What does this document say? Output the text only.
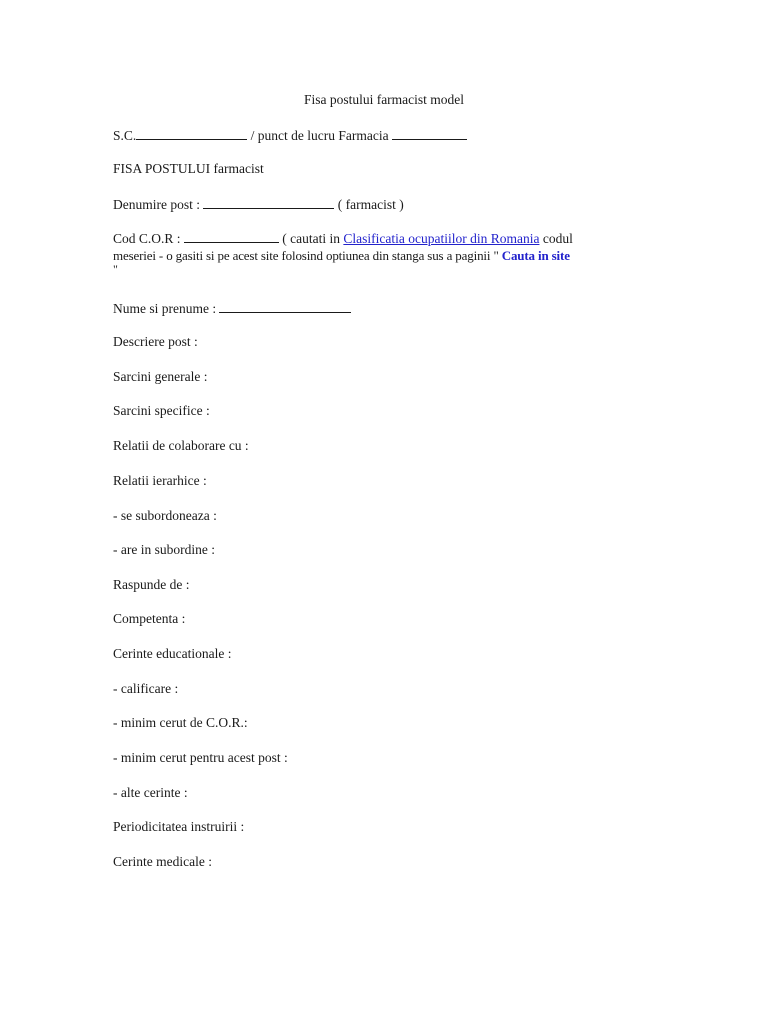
Fisa postului farmacist model
S.C.	/ punct de lucru Farmacia
FISA POSTULUI farmacist
Denumire post :	( farmacist )
Cod C.O.R :	( cautati in Clasificatia ocupatiilor din Romania codul
meseriei - o gasiti si pe acest site folosind optiunea din stanga sus a paginii " Cauta in site
"
Nume si prenume :
Descriere post :
Sarcini generale :
Sarcini specifice :
Relatii de colaborare cu :
Relatii ierarhice :
- se subordoneaza :
- are in subordine :
Raspunde de :
Competenta :
Cerinte educationale :
- calificare :
- minim cerut de C.O.R.:
- minim cerut pentru acest post :
- alte cerinte :
Periodicitatea instruirii :
Cerinte medicale :
